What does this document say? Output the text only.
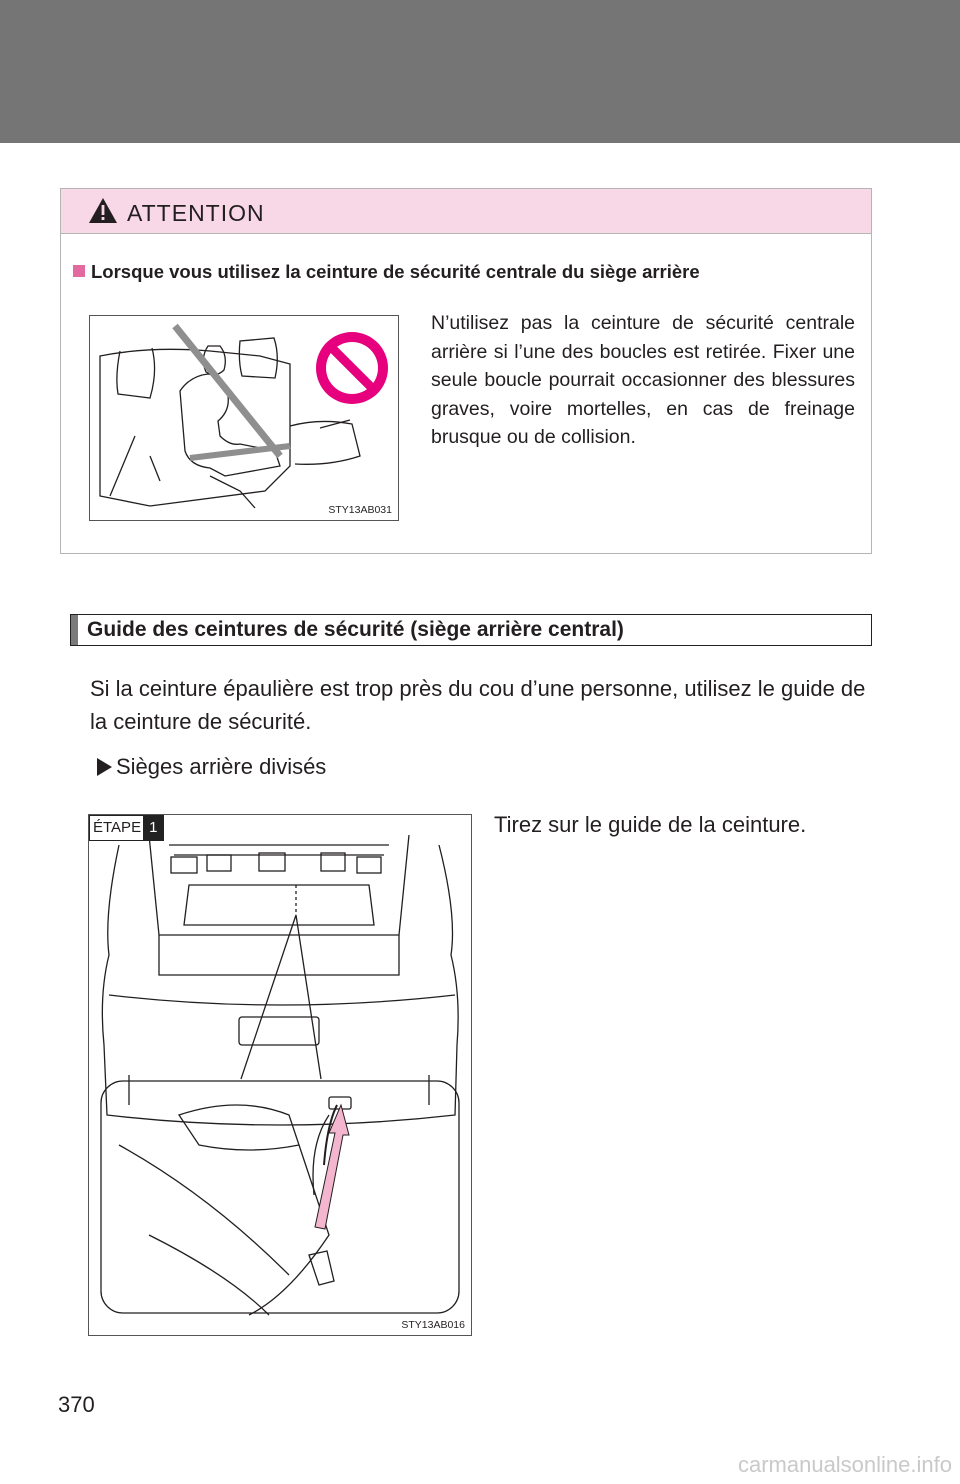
ATTENTION
Lorsque vous utilisez la ceinture de sécurité centrale du siège arrière
STY13AB031
N’utilisez pas la ceinture de sécurité centrale arrière si l’une des boucles est retirée. Fixer une seule boucle pourrait occasionner des blessures graves, voire mortelles, en cas de freinage brusque ou de collision.
Guide des ceintures de sécurité (siège arrière central)
Si la ceinture épaulière est trop près du cou d’une personne, utilisez le guide de la ceinture de sécurité.
Sièges arrière divisés
ÉTAPE 1
STY13AB016
Tirez sur le guide de la ceinture.
370
carmanualsonline.info
